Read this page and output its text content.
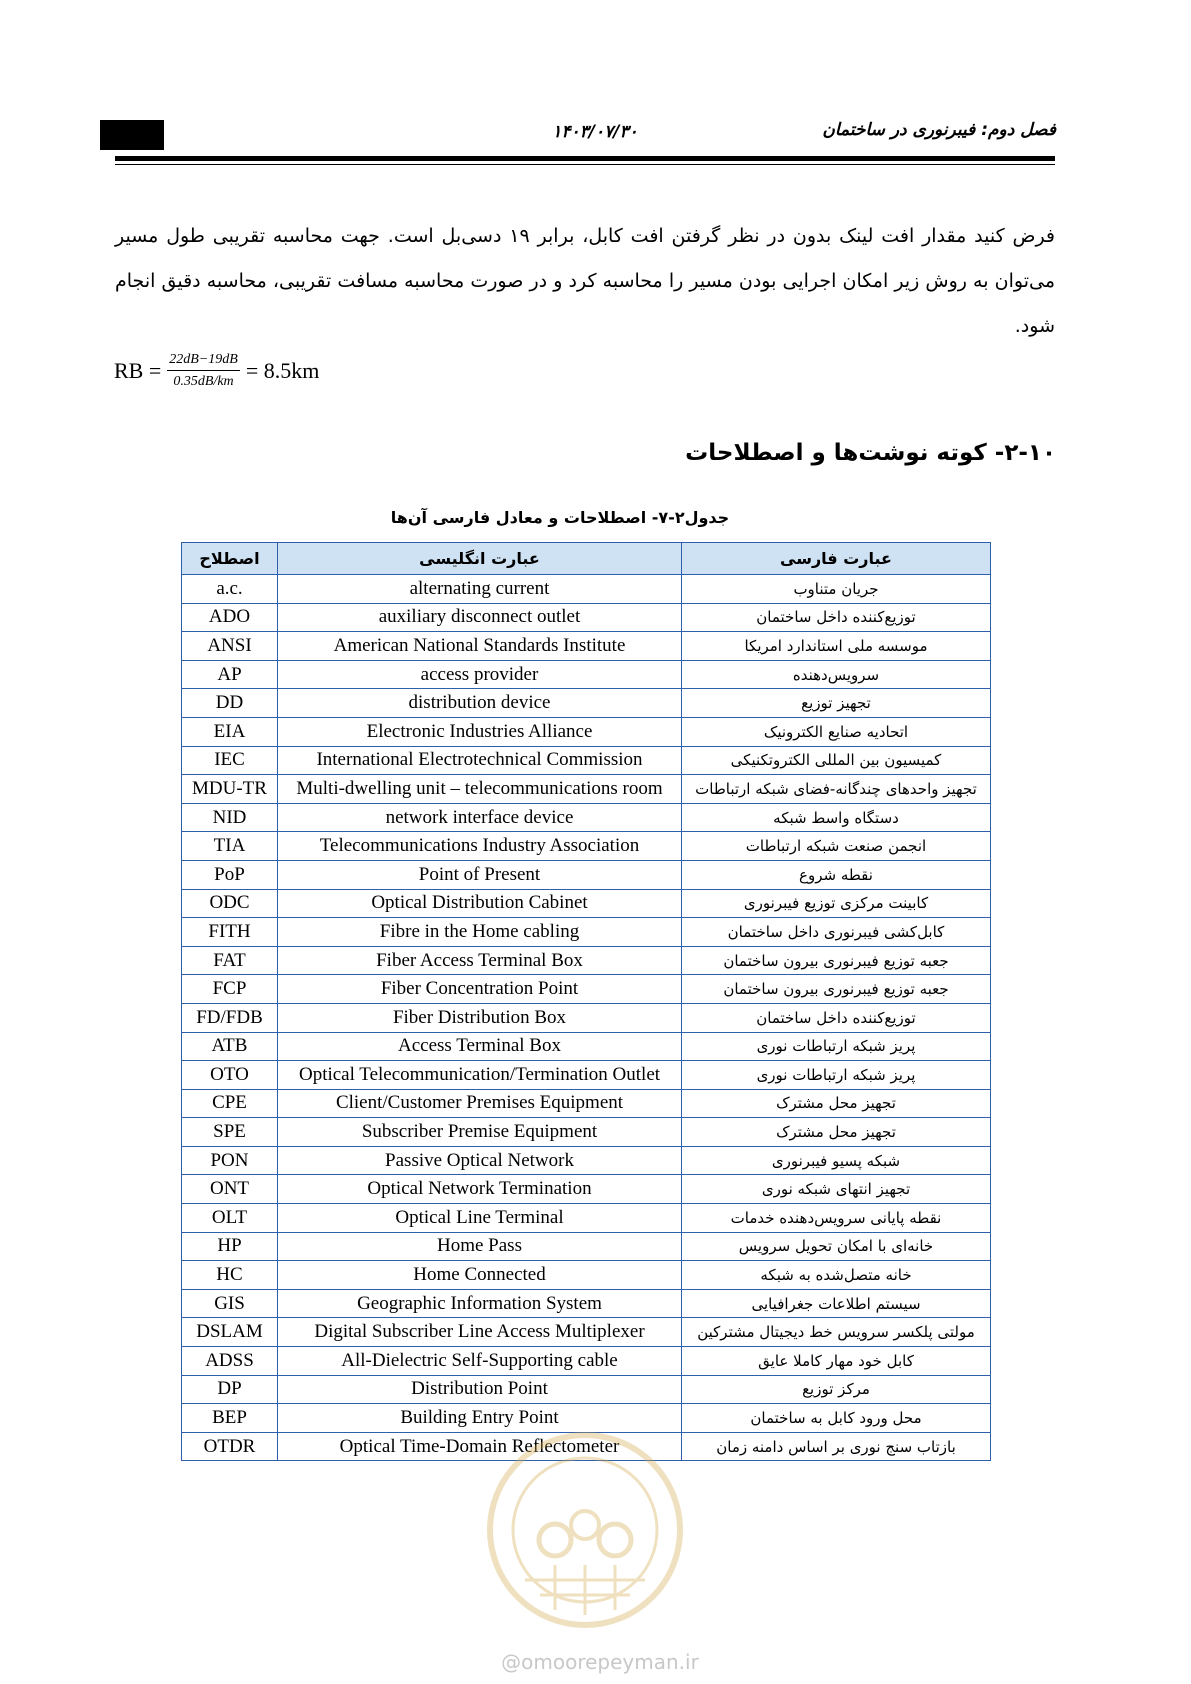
۱۴۰۳/۰۷/۳۰	فصل دوم: فیبرنوری در ساختمان
فرض کنید مقدار افت لینک بدون در نظر گرفتن افت کابل، برابر ۱۹ دسی‌بل است. جهت محاسبه تقریبی طول مسیر می‌توان به روش زیر امکان اجرایی بودن مسیر را محاسبه کرد و در صورت محاسبه مسافت تقریبی، محاسبه دقیق انجام شود.
RB = $\frac{22dB-19dB}{0.35dB/km} = 8.5km$
۲-۱۰- کوته نوشت‌ها و اصطلاحات
جدول۲-۷- اصطلاحات و معادل فارسی آن‌ها
اصطلاح	عبارت انگلیسی	عبارت فارسی
a.c.	alternating current	جریان متناوب
ADO	auxiliary disconnect outlet	توزیع‌کننده داخل ساختمان
ANSI	American National Standards Institute	موسسه ملی استاندارد امریکا
AP	access provider	سرویس‌دهنده
DD	distribution device	تجهیز توزیع
EIA	Electronic Industries Alliance	اتحادیه صنایع الکترونیک
IEC	International Electrotechnical Commission	کمیسیون بین المللی الکتروتکنیکی
MDU-TR	Multi-dwelling unit – telecommunications room	تجهیز واحدهای چندگانه-فضای شبکه ارتباطات
NID	network interface device	دستگاه واسط شبکه
TIA	Telecommunications Industry Association	انجمن صنعت شبکه ارتباطات
PoP	Point of Present	نقطه شروع
ODC	Optical Distribution Cabinet	کابینت مرکزی توزیع فیبرنوری
FITH	Fibre in the Home cabling	کابل‌کشی فیبرنوری داخل ساختمان
FAT	Fiber Access Terminal Box	جعبه توزیع فیبرنوری بیرون ساختمان
FCP	Fiber Concentration Point	جعبه توزیع فیبرنوری بیرون ساختمان
FD/FDB	Fiber Distribution Box	توزیع‌کننده داخل ساختمان
ATB	Access Terminal Box	پریز شبکه ارتباطات نوری
OTO	Optical Telecommunication/Termination Outlet	پریز شبکه ارتباطات نوری
CPE	Client/Customer Premises Equipment	تجهیز محل مشترک
SPE	Subscriber Premise Equipment	تجهیز محل مشترک
PON	Passive Optical Network	شبکه پسیو فیبرنوری
ONT	Optical Network Termination	تجهیز انتهای شبکه نوری
OLT	Optical Line Terminal	نقطه پایانی سرویس‌دهنده خدمات
HP	Home Pass	خانه‌ای با امکان تحویل سرویس
HC	Home Connected	خانه متصل‌شده به شبکه
GIS	Geographic Information System	سیستم اطلاعات جغرافیایی
DSLAM	Digital Subscriber Line Access Multiplexer	مولتی پلکسر سرویس خط دیجیتال مشترکین
ADSS	All-Dielectric Self-Supporting cable	کابل خود مهار کاملا عایق
DP	Distribution Point	مرکز توزیع
BEP	Building Entry Point	محل ورود کابل به ساختمان
OTDR	Optical Time-Domain Reflectometer	بازتاب سنج نوری بر اساس دامنه زمان
@omoorepeyman.ir
